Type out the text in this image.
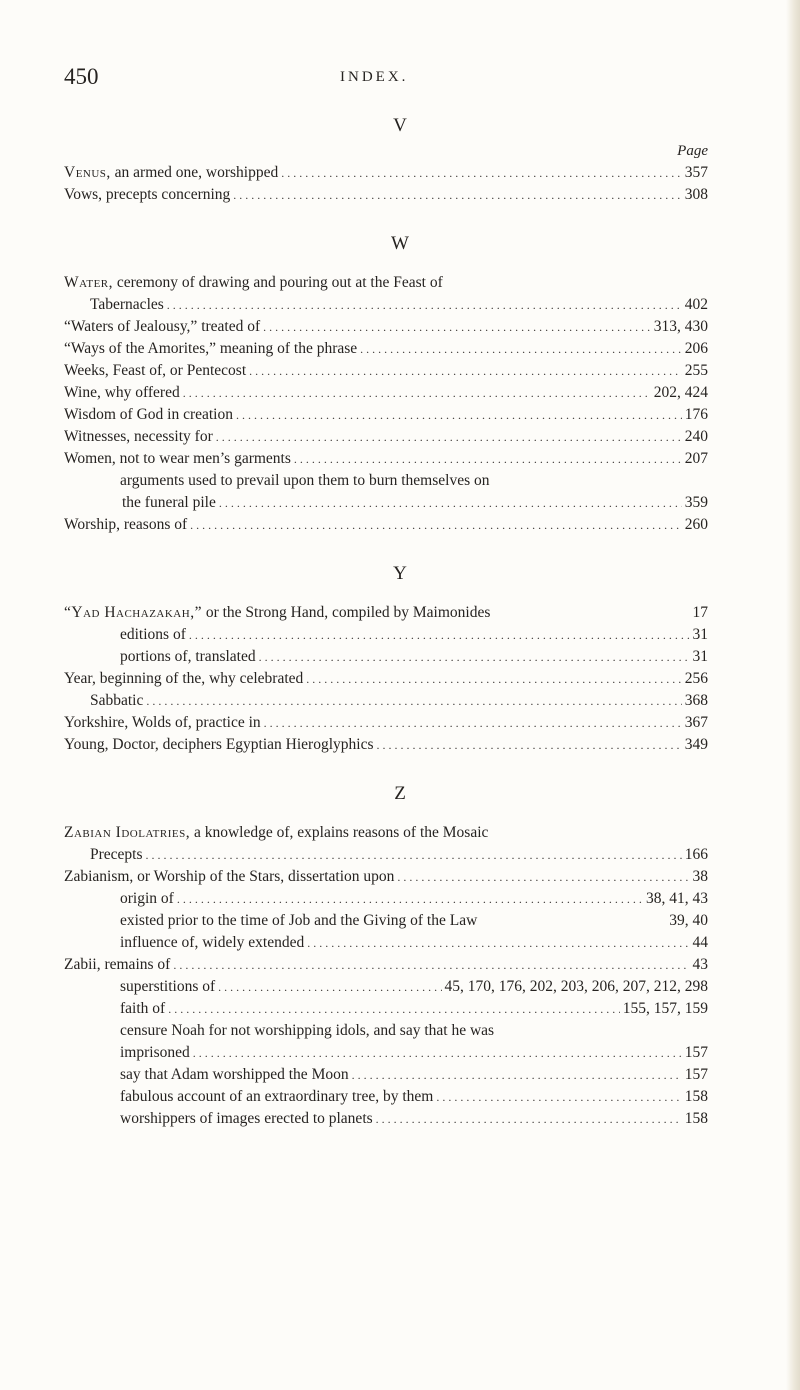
450	INDEX.
V
Page
Venus, an armed one, worshipped . . .	357
Vows, precepts concerning . . .	308
W
Water, ceremony of drawing and pouring out at the Feast of
Tabernacles . . .	402
“Waters of Jealousy,” treated of . . .	313, 430
“Ways of the Amorites,” meaning of the phrase . . .	206
Weeks, Feast of, or Pentecost . . .	255
Wine, why offered . . .	202, 424
Wisdom of God in creation . . .	176
Witnesses, necessity for . . .	240
Women, not to wear men’s garments . . .	207
arguments used to prevail upon them to burn themselves on
the funeral pile . . .	359
Worship, reasons of . . .	260
Y
“Yad Hachazakah,” or the Strong Hand, compiled by Maimonides	17
editions of . . .	31
portions of, translated . . .	31
Year, beginning of the, why celebrated . . .	256
Sabbatic . . .	368
Yorkshire, Wolds of, practice in . . .	367
Young, Doctor, deciphers Egyptian Hieroglyphics . . .	349
Z
Zabian Idolatries, a knowledge of, explains reasons of the Mosaic
Precepts . . .	166
Zabianism, or Worship of the Stars, dissertation upon . . .	38
origin of . . .	38, 41, 43
existed prior to the time of Job and the Giving of the Law	39, 40
influence of, widely extended . . .	44
Zabii, remains of . . .	43
superstitions of . . .	45, 170, 176, 202, 203, 206, 207, 212, 298
faith of . . .	155, 157, 159
censure Noah for not worshipping idols, and say that he was
imprisoned . . .	157
say that Adam worshipped the Moon . . .	157
fabulous account of an extraordinary tree, by them . . .	158
worshippers of images erected to planets . . .	158
